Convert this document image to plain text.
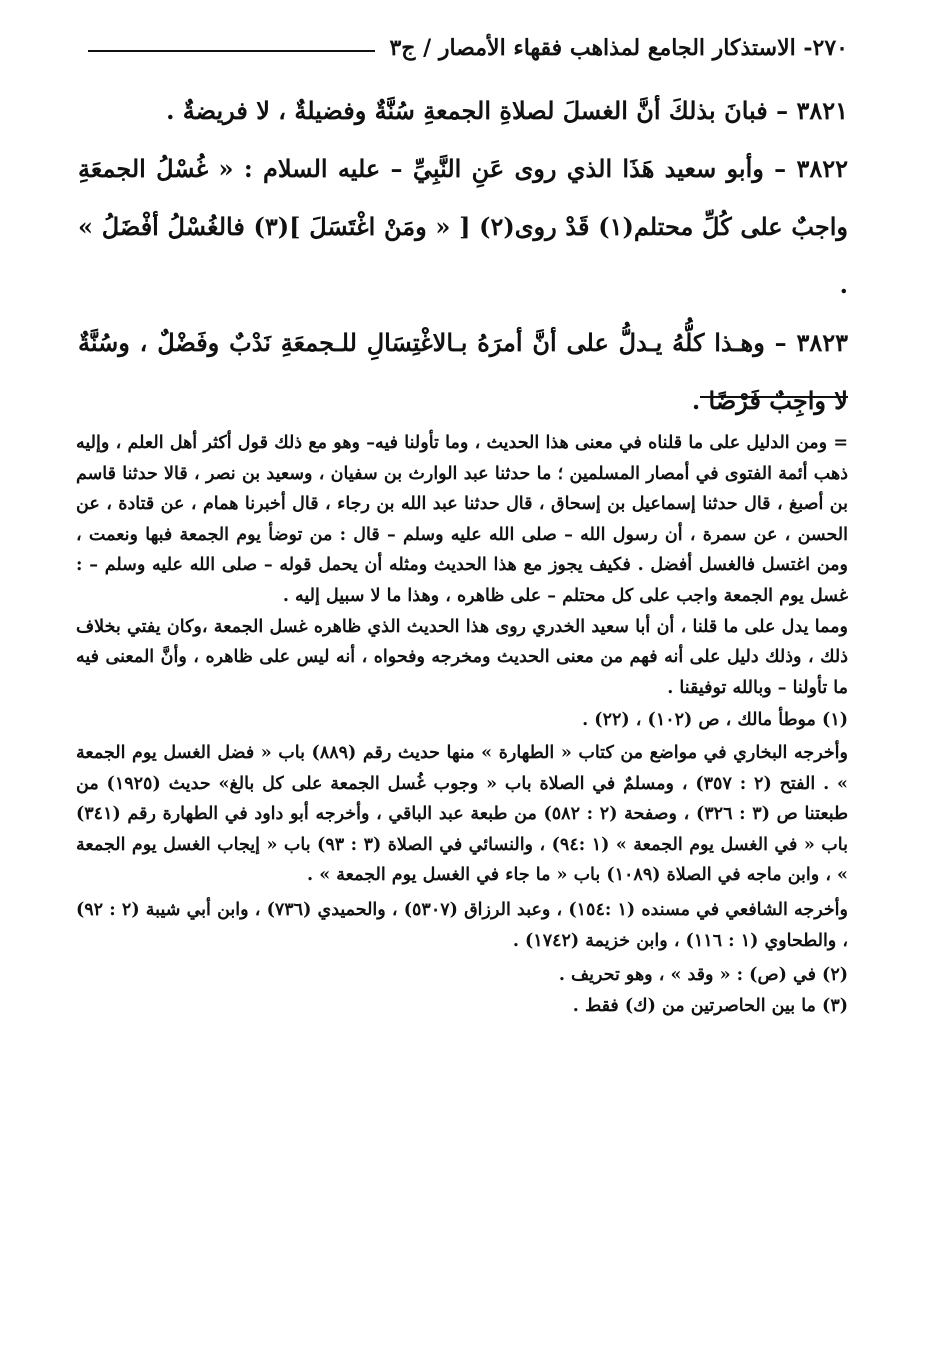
٢٧٠- الاستذكار الجامع لمذاهب فقهاء الأمصار / ج٣

٣٨٢١ – فبانَ بذلكَ أنَّ الغسلَ لصلاةِ الجمعةِ سُنَّةٌ وفضيلةٌ ، لا فريضةٌ .

٣٨٢٢ – وأبو سعيد هَذَا الذي روى عَنِ النَّبِيِّ – عليه السلام : « غُسْلُ الجمعَةِ واجبٌ على كُلِّ محتلم(١) قَدْ روى(٢) [ « ومَنْ اغْتَسَلَ ](٣) فالغُسْلُ أفْضَلُ » .

٣٨٢٣ – وهـذا كلُّهُ يـدلُّ على أنَّ أمرَهُ بـالاغْتِسَالِ للـجمعَةِ نَدْبٌ وفَضْلٌ ، وسُنَّةٌ لا واجِبٌ فَرْضًا .

= ومن الدليل على ما قلناه في معنى هذا الحديث ، وما تأولنا فيه– وهو مع ذلك قول أكثر أهل العلم ، وإليه ذهب أئمة الفتوى في أمصار المسلمين ؛ ما حدثنا عبد الوارث بن سفيان ، وسعيد بن نصر ، قالا حدثنا قاسم بن أصبغ ، قال حدثنا إسماعيل بن إسحاق ، قال حدثنا عبد الله بن رجاء ، قال أخبرنا همام ، عن قتادة ، عن الحسن ، عن سمرة ، أن رسول الله – صلى الله عليه وسلم – قال : من توضأ يوم الجمعة فبها ونعمت ، ومن اغتسل فالغسل أفضل . فكيف يجوز مع هذا الحديث ومثله أن يحمل قوله – صلى الله عليه وسلم – : غسل يوم الجمعة واجب على كل محتلم – على ظاهره ، وهذا ما لا سبيل إليه .

ومما يدل على ما قلنا ، أن أبا سعيد الخدري روى هذا الحديث الذي ظاهره غسل الجمعة ،وكان يفتي بخلاف ذلك ، وذلك دليل على أنه فهم من معنى الحديث ومخرجه وفحواه ، أنه ليس على ظاهره ، وأنَّ المعنى فيه ما تأولنا – وبالله توفيقنا .

(١) موطأ مالك ، ص (١٠٢) ، (٢٢) .

وأخرجه البخاري في مواضع من كتاب « الطهارة » منها حديث رقم (٨٨٩) باب « فضل الغسل يوم الجمعة » . الفتح (٢ : ٣٥٧) ، ومسلمٌ في الصلاة باب « وجوب غُسل الجمعة على كل بالغ» حديث (١٩٢٥) من طبعتنا ص (٣ : ٣٢٦) ، وصفحة (٢ : ٥٨٢) من طبعة عبد الباقي ، وأخرجه أبو داود في الطهارة رقم (٣٤١) باب « في الغسل يوم الجمعة » (١ :٩٤) ، والنسائي في الصلاة (٣ : ٩٣) باب « إيجاب الغسل يوم الجمعة » ، وابن ماجه في الصلاة (١٠٨٩) باب « ما جاء في الغسل يوم الجمعة » .

وأخرجه الشافعي في مسنده (١ :١٥٤) ، وعبد الرزاق (٥٣٠٧) ، والحميدي (٧٣٦) ، وابن أبي شيبة (٢ : ٩٢) ، والطحاوي (١ : ١١٦) ، وابن خزيمة (١٧٤٢) .

(٢) في (ص) : « وقد » ، وهو تحريف .

(٣) ما بين الحاصرتين من (ك) فقط .
